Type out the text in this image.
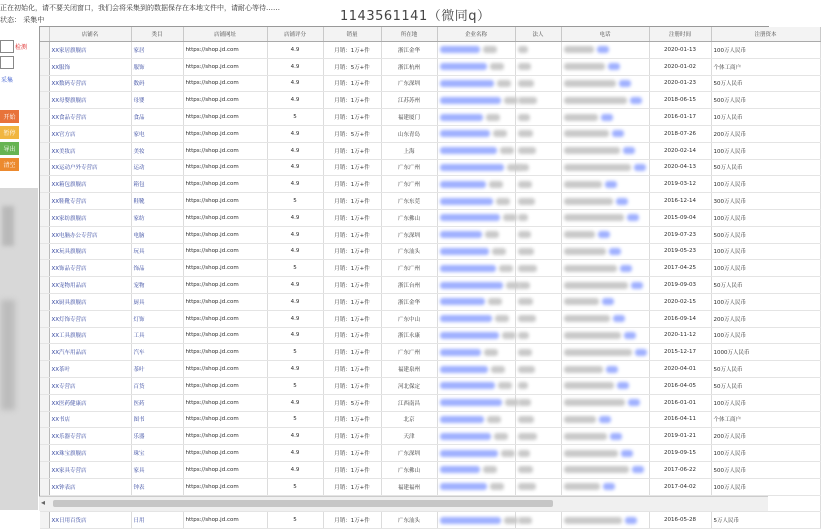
正在初始化，请不要关闭窗口，我们会将采集到的数据保存在本地文件中，请耐心等待……
状态： 采集中	1143561141（微同q）
检测
采集
开始
暂停
导出
清空
	店铺名	类目	店铺网址	店铺评分	销量	所在地	企业名称	法人	电话	注册时间	注册资本
	XX家居旗舰店	家居	https://shop.jd.com	4.9	月销：1万+件	浙江金华				2020-01-13	100万人民币
	XX服饰	服饰	https://shop.jd.com	4.9	月销：5万+件	浙江杭州				2020-01-02	个体工商户
	XX数码专营店	数码	https://shop.jd.com	4.9	月销：1万+件	广东深圳				2020-01-23	50万人民币
	XX母婴旗舰店	母婴	https://shop.jd.com	4.9	月销：1万+件	江苏苏州				2018-06-15	500万人民币
	XX食品专营店	食品	https://shop.jd.com	5	月销：1万+件	福建厦门				2016-01-17	10万人民币
	XX官方店	家电	https://shop.jd.com	4.9	月销：5万+件	山东青岛				2018-07-26	200万人民币
	XX美妆店	美妆	https://shop.jd.com	4.9	月销：1万+件	上海				2020-02-14	100万人民币
	XX运动户外专营店	运动	https://shop.jd.com	4.9	月销：1万+件	广东广州				2020-04-13	50万人民币
	XX箱包旗舰店	箱包	https://shop.jd.com	4.9	月销：1万+件	广东广州				2019-03-12	100万人民币
	XX鞋靴专营店	鞋靴	https://shop.jd.com	5	月销：1万+件	广东东莞				2016-12-14	300万人民币
	XX家纺旗舰店	家纺	https://shop.jd.com	4.9	月销：1万+件	广东佛山				2015-09-04	100万人民币
	XX电脑办公专营店	电脑	https://shop.jd.com	4.9	月销：1万+件	广东深圳				2019-07-23	500万人民币
	XX玩具旗舰店	玩具	https://shop.jd.com	4.9	月销：1万+件	广东汕头				2019-05-23	100万人民币
	XX饰品专营店	饰品	https://shop.jd.com	5	月销：1万+件	广东广州				2017-04-25	100万人民币
	XX宠物用品店	宠物	https://shop.jd.com	4.9	月销：1万+件	浙江台州				2019-09-03	50万人民币
	XX厨具旗舰店	厨具	https://shop.jd.com	4.9	月销：1万+件	浙江金华				2020-02-15	100万人民币
	XX灯饰专营店	灯饰	https://shop.jd.com	4.9	月销：1万+件	广东中山				2016-09-14	200万人民币
	XX工具旗舰店	工具	https://shop.jd.com	4.9	月销：1万+件	浙江永康				2020-11-12	100万人民币
	XX汽车用品店	汽车	https://shop.jd.com	5	月销：1万+件	广东广州				2015-12-17	1000万人民币
	XX茶叶	茶叶	https://shop.jd.com	4.9	月销：1万+件	福建泉州				2020-04-01	50万人民币
	XX专营店	百货	https://shop.jd.com	5	月销：1万+件	河北保定				2016-04-05	50万人民币
	XX医药健康店	医药	https://shop.jd.com	4.9	月销：5万+件	江西南昌				2016-01-01	100万人民币
	XX书店	图书	https://shop.jd.com	5	月销：1万+件	北京				2016-04-11	个体工商户
	XX乐器专营店	乐器	https://shop.jd.com	4.9	月销：1万+件	天津				2019-01-21	200万人民币
	XX珠宝旗舰店	珠宝	https://shop.jd.com	4.9	月销：1万+件	广东深圳				2019-09-15	100万人民币
	XX家具专营店	家具	https://shop.jd.com	4.9	月销：1万+件	广东佛山				2017-06-22	500万人民币
	XX钟表店	钟表	https://shop.jd.com	5	月销：1万+件	福建福州				2017-04-02	100万人民币

	XX日用百货店	日用	https://shop.jd.com	5	月销：1万+件	广东汕头				2016-05-28	5万人民币
◂
